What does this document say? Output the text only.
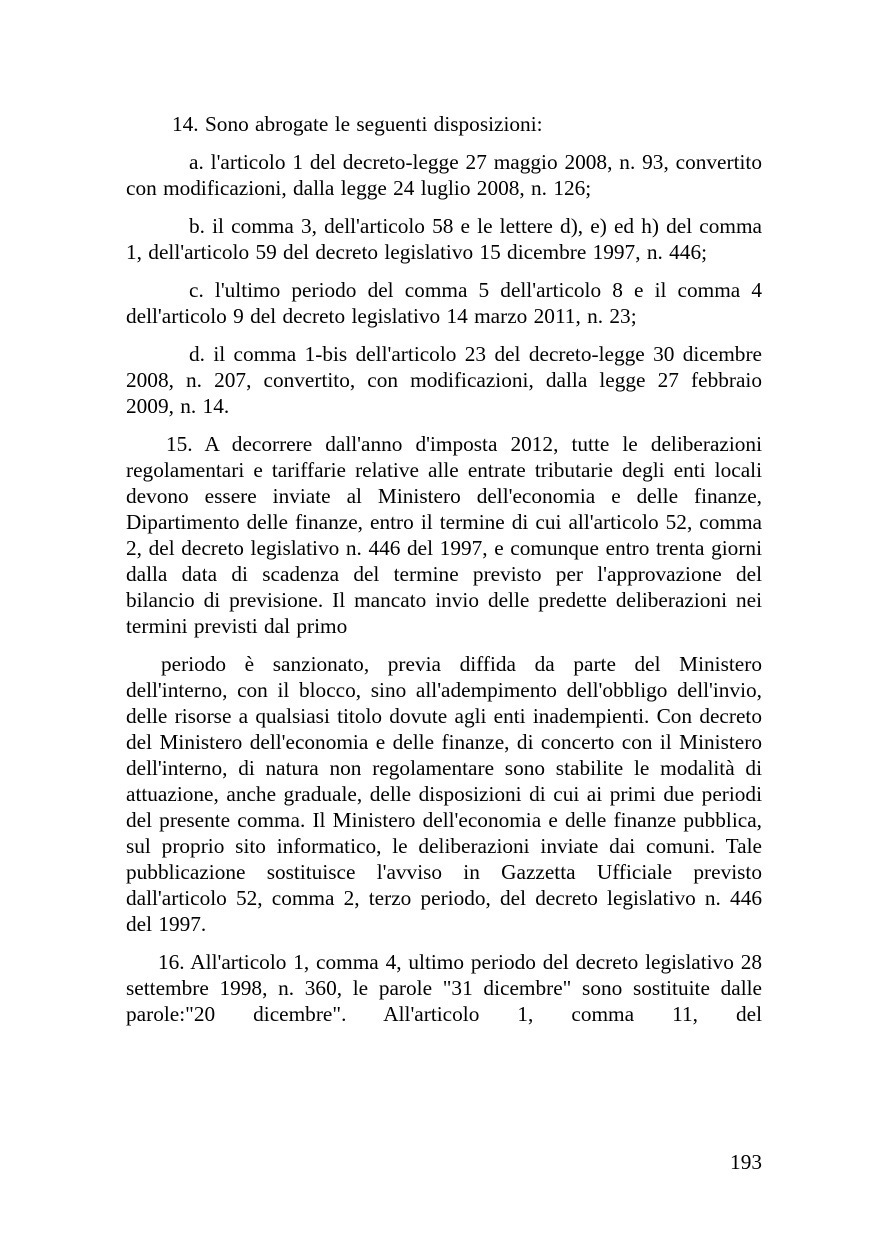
14. Sono abrogate le seguenti disposizioni:

a. l'articolo 1 del decreto-legge 27 maggio 2008, n. 93, convertito con modificazioni, dalla legge 24 luglio 2008, n. 126;

b. il comma 3, dell'articolo 58 e le lettere d), e) ed h) del comma 1, dell'articolo 59 del decreto legislativo 15 dicembre 1997, n. 446;

c. l'ultimo periodo del comma 5 dell'articolo 8 e il comma 4 dell'articolo 9 del decreto legislativo 14 marzo 2011, n. 23;

d. il comma 1-bis dell'articolo 23 del decreto-legge 30 dicembre 2008, n. 207, convertito, con modificazioni, dalla legge 27 febbraio 2009, n. 14.

15. A decorrere dall'anno d'imposta 2012, tutte le deliberazioni regolamentari e tariffarie relative alle entrate tributarie degli enti locali devono essere inviate al Ministero dell'economia e delle finanze, Dipartimento delle finanze, entro il termine di cui all'articolo 52, comma 2, del decreto legislativo n. 446 del 1997, e comunque entro trenta giorni dalla data di scadenza del termine previsto per l'approvazione del bilancio di previsione. Il mancato invio delle predette deliberazioni nei termini previsti dal primo

periodo è sanzionato, previa diffida da parte del Ministero dell'interno, con il blocco, sino all'adempimento dell'obbligo dell'invio, delle risorse a qualsiasi titolo dovute agli enti inadempienti. Con decreto del Ministero dell'economia e delle finanze, di concerto con il Ministero dell'interno, di natura non regolamentare sono stabilite le modalità di attuazione, anche graduale, delle disposizioni di cui ai primi due periodi del presente comma. Il Ministero dell'economia e delle finanze pubblica, sul proprio sito informatico, le deliberazioni inviate dai comuni. Tale pubblicazione sostituisce l'avviso in Gazzetta Ufficiale previsto dall'articolo 52, comma 2, terzo periodo, del decreto legislativo n. 446 del 1997.

16. All'articolo 1, comma 4, ultimo periodo del decreto legislativo 28 settembre 1998, n. 360, le parole "31 dicembre" sono sostituite dalle parole:"20 dicembre". All'articolo 1, comma 11, del

193
